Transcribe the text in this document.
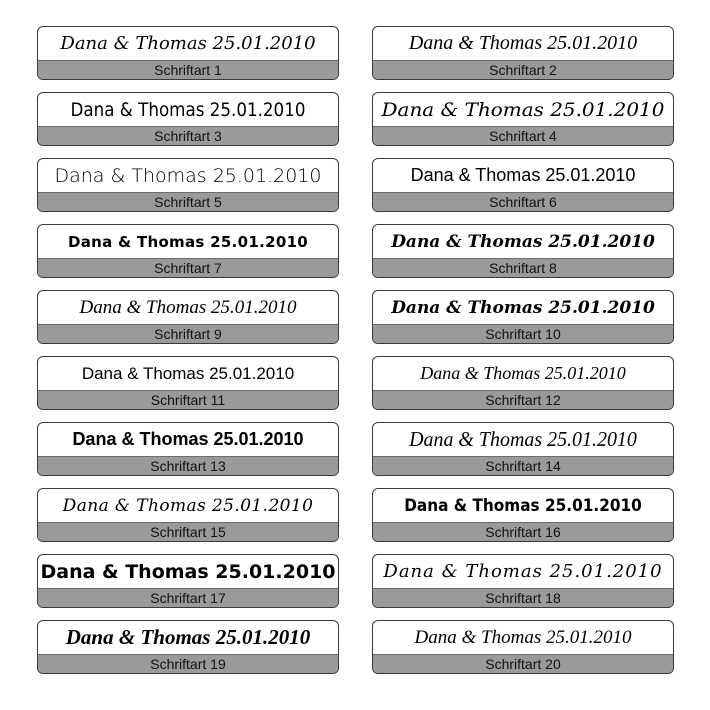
Dana & Thomas 25.01.2010
Schriftart 1
Dana & Thomas 25.01.2010
Schriftart 2
Dana & Thomas 25.01.2010
Schriftart 3
Dana & Thomas 25.01.2010
Schriftart 4
Dana & Thomas 25.01.2010
Schriftart 5
Dana & Thomas 25.01.2010
Schriftart 6
Dana & Thomas 25.01.2010
Schriftart 7
Dana & Thomas 25.01.2010
Schriftart 8
Dana & Thomas 25.01.2010
Schriftart 9
Dana & Thomas 25.01.2010
Schriftart 10
Dana & Thomas 25.01.2010
Schriftart 11
Dana & Thomas 25.01.2010
Schriftart 12
Dana & Thomas 25.01.2010
Schriftart 13
Dana & Thomas 25.01.2010
Schriftart 14
Dana & Thomas 25.01.2010
Schriftart 15
Dana & Thomas 25.01.2010
Schriftart 16
Dana & Thomas 25.01.2010
Schriftart 17
Dana & Thomas 25.01.2010
Schriftart 18
Dana & Thomas 25.01.2010
Schriftart 19
Dana & Thomas 25.01.2010
Schriftart 20
